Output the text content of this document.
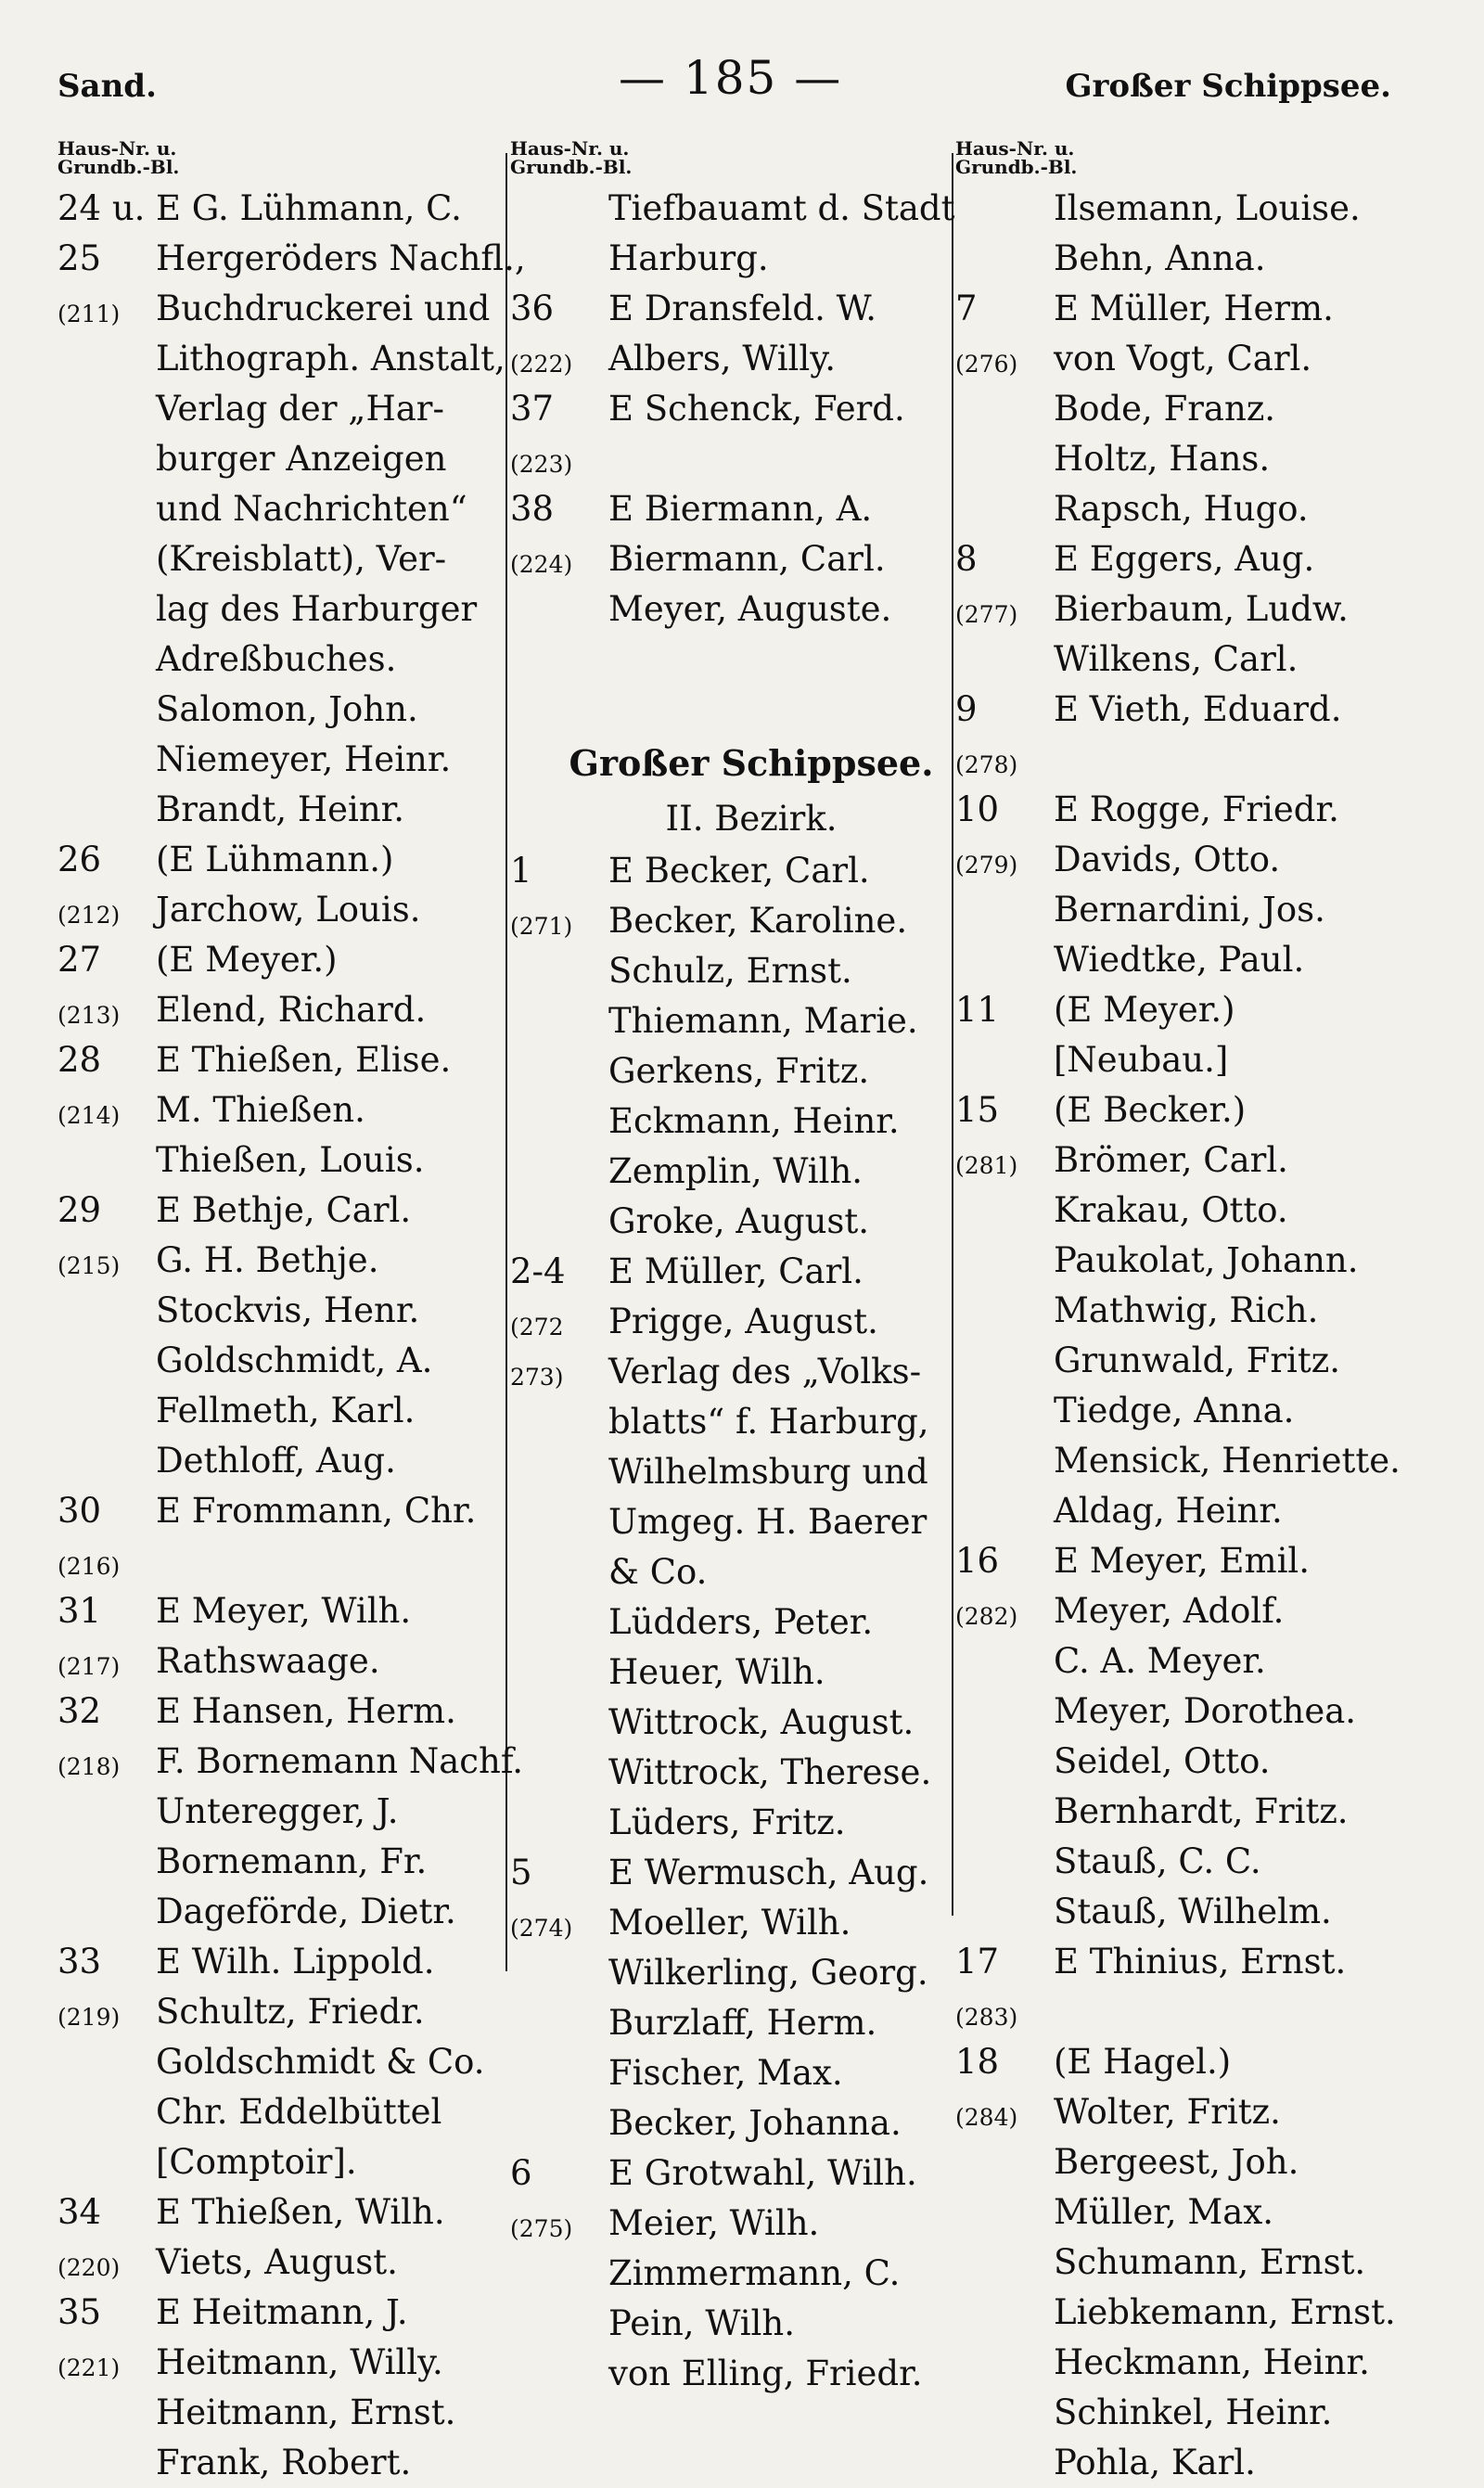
Sand.	— 185 —	Großer Schippsee.
Haus-Nr. u.
Grundb.-Bl.
24 u. E G. Lühmann, C.
25	Hergeröders Nachfl.,
(211)	Buchdruckerei und
Lithograph. Anstalt,
Verlag der „Har-
burger Anzeigen
und Nachrichten“
(Kreisblatt), Ver-
lag des Harburger
Adreßbuches.
Salomon, John.
Niemeyer, Heinr.
Brandt, Heinr.
26	(E Lühmann.)
(212)	Jarchow, Louis.
27	(E Meyer.)
(213)	Elend, Richard.
28	E Thießen, Elise.
(214)	M. Thießen.
Thießen, Louis.
29	E Bethje, Carl.
(215)	G. H. Bethje.
Stockvis, Henr.
Goldschmidt, A.
Fellmeth, Karl.
Dethloff, Aug.
30	E Frommann, Chr.
(216)
31	E Meyer, Wilh.
(217)	Rathswaage.
32	E Hansen, Herm.
(218)	F. Bornemann Nachf.
Unteregger, J.
Bornemann, Fr.
Dageförde, Dietr.
33	E Wilh. Lippold.
(219)	Schultz, Friedr.
Goldschmidt & Co.
Chr. Eddelbüttel
[Comptoir].
34	E Thießen, Wilh.
(220)	Viets, August.
35	E Heitmann, J.
(221)	Heitmann, Willy.
Heitmann, Ernst.
Frank, Robert.
Haus-Nr. u.
Grundb.-Bl.
Tiefbauamt d. Stadt
Harburg.
36	E Dransfeld. W.
(222)	Albers, Willy.
37	E Schenck, Ferd.
(223)
38	E Biermann, A.
(224)	Biermann, Carl.
Meyer, Auguste.
Großer Schippsee.
II. Bezirk.
1	E Becker, Carl.
(271)	Becker, Karoline.
Schulz, Ernst.
Thiemann, Marie.
Gerkens, Fritz.
Eckmann, Heinr.
Zemplin, Wilh.
Groke, August.
2-4	E Müller, Carl.
(272	Prigge, August.
273)	Verlag des „Volks-
blatts“ f. Harburg,
Wilhelmsburg und
Umgeg. H. Baerer
& Co.
Lüdders, Peter.
Heuer, Wilh.
Wittrock, August.
Wittrock, Therese.
Lüders, Fritz.
5	E Wermusch, Aug.
(274)	Moeller, Wilh.
Wilkerling, Georg.
Burzlaff, Herm.
Fischer, Max.
Becker, Johanna.
6	E Grotwahl, Wilh.
(275)	Meier, Wilh.
Zimmermann, C.
Pein, Wilh.
von Elling, Friedr.
Haus-Nr. u.
Grundb.-Bl.
Ilsemann, Louise.
Behn, Anna.
7	E Müller, Herm.
(276)	von Vogt, Carl.
Bode, Franz.
Holtz, Hans.
Rapsch, Hugo.
8	E Eggers, Aug.
(277)	Bierbaum, Ludw.
Wilkens, Carl.
9	E Vieth, Eduard.
(278)
10	E Rogge, Friedr.
(279)	Davids, Otto.
Bernardini, Jos.
Wiedtke, Paul.
11	(E Meyer.)
[Neubau.]
15	(E Becker.)
(281)	Brömer, Carl.
Krakau, Otto.
Paukolat, Johann.
Mathwig, Rich.
Grunwald, Fritz.
Tiedge, Anna.
Mensick, Henriette.
Aldag, Heinr.
16	E Meyer, Emil.
(282)	Meyer, Adolf.
C. A. Meyer.
Meyer, Dorothea.
Seidel, Otto.
Bernhardt, Fritz.
Stauß, C. C.
Stauß, Wilhelm.
17	E Thinius, Ernst.
(283)
18	(E Hagel.)
(284)	Wolter, Fritz.
Bergeest, Joh.
Müller, Max.
Schumann, Ernst.
Liebkemann, Ernst.
Heckmann, Heinr.
Schinkel, Heinr.
Pohla, Karl.
